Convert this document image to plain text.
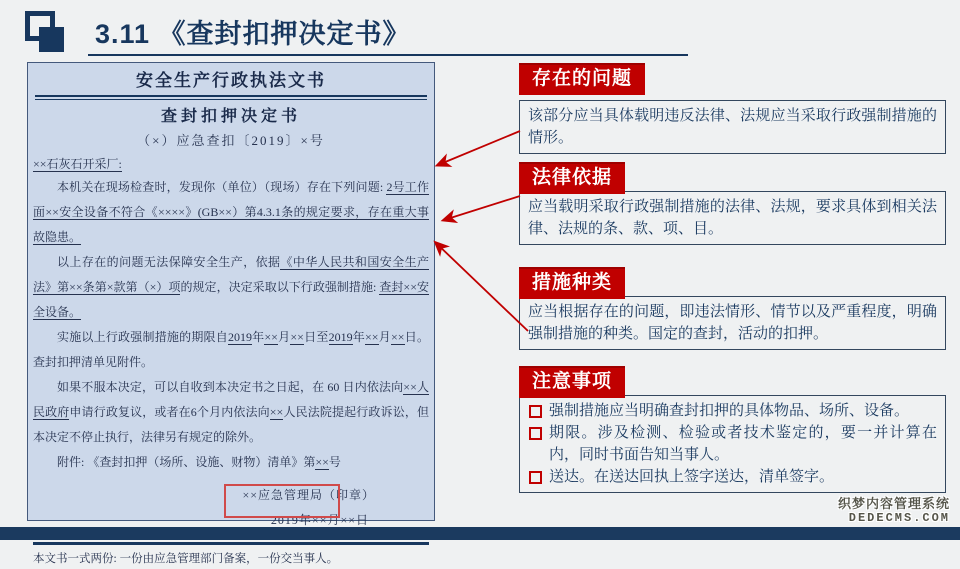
3.11 《查封扣押决定书》
安全生产行政执法文书
查封扣押决定书
（×）应急查扣〔2019〕×号
××石灰石开采厂:

本机关在现场检查时，发现你（单位）（现场）存在下列问题: 2号工作面××安全设备不符合《××××》(GB××）第4.3.1条的规定要求，存在重大事故隐患。

以上存在的问题无法保障安全生产，依据《中华人民共和国安全生产法》第××条第×款第（×）项的规定，决定采取以下行政强制措施: 查封××安全设备。

实施以上行政强制措施的期限自2019年××月××日至2019年××月××日。查封扣押清单见附件。

如果不服本决定，可以自收到本决定书之日起，在 60 日内依法向××人民政府申请行政复议，或者在6个月内依法向××人民法院提起行政诉讼，但本决定不停止执行，法律另有规定的除外。

附件: 《查封扣押（场所、设施、财物）清单》第××号

××应急管理局（印章）
2019年××月××日
本文书一式两份: 一份由应急管理部门备案，一份交当事人。
存在的问题
该部分应当具体载明违反法律、法规应当采取行政强制措施的情形。
法律依据
应当载明采取行政强制措施的法律、法规，要求具体到相关法律、法规的条、款、项、目。
措施种类
应当根据存在的问题，即违法情形、情节以及严重程度，明确强制措施的种类。国定的查封，活动的扣押。
注意事项
强制措施应当明确查封扣押的具体物品、场所、设备。
期限。涉及检测、检验或者技术鉴定的，要一并计算在内，同时书面告知当事人。
送达。在送达回执上签字送达，清单签字。
织梦内容管理系统
DEDECMS.COM
